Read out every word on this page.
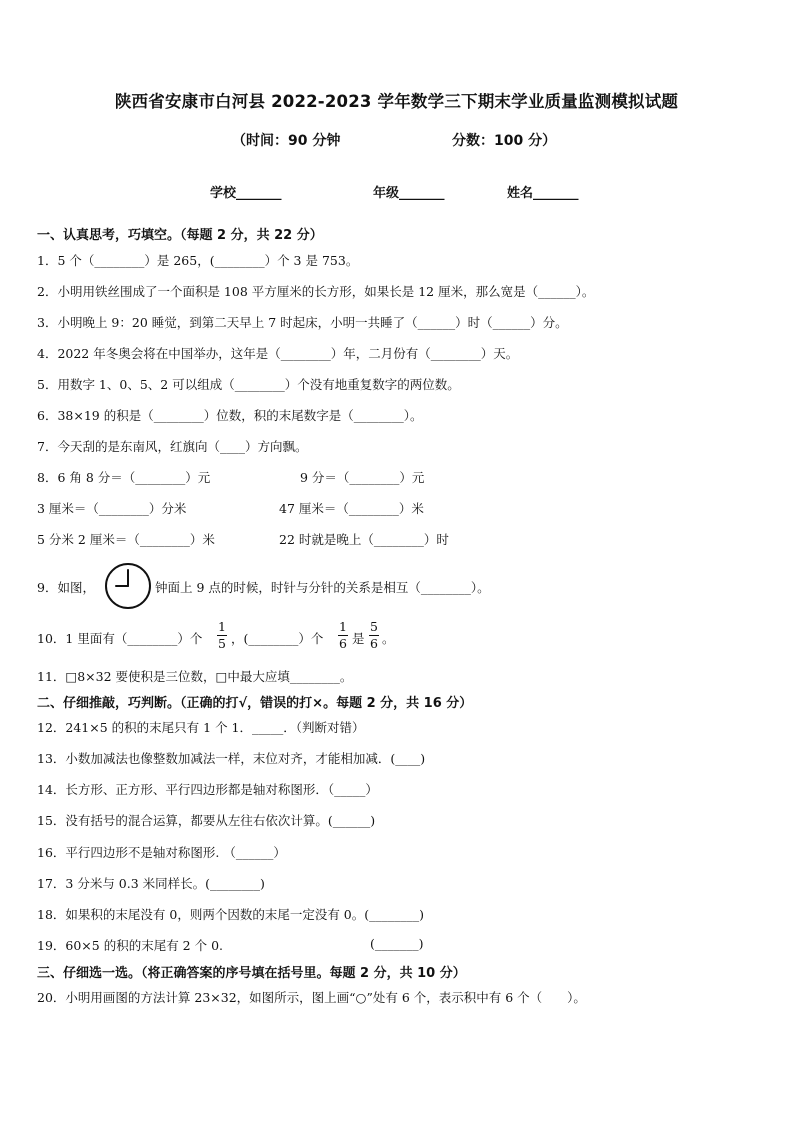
陕西省安康市白河县 2022-2023 学年数学三下期末学业质量监测模拟试题
（时间：90 分钟	分数：100 分）
学校_______	年级_______	姓名_______
一、认真思考，巧填空。（每题 2 分，共 22 分）
1．5 个（________）是 265，(________）个 3 是 753。
2．小明用铁丝围成了一个面积是 108 平方厘米的长方形，如果长是 12 厘米，那么宽是（______）。
3．小明晚上 9：20 睡觉，到第二天早上 7 时起床，小明一共睡了（______）时（______）分。
4．2022 年冬奥会将在中国举办，这年是（________）年，二月份有（________）天。
5．用数字 1、0、5、2 可以组成（________）个没有地重复数字的两位数。
6．38×19 的积是（________）位数，积的末尾数字是（________）。
7．今天刮的是东南风，红旗向（____）方向飘。
8．6 角 8 分＝（________）元	9 分＝（________）元
3 厘米＝（________）分米	47 厘米＝（________）米
5 分米 2 厘米＝（________）米	22 时就是晚上（________）时
9．如图，	钟面上 9 点的时候，时针与分针的关系是相互（________）。
10．1 里面有（________）个
1
5 ，(________）个
1
6 是
5
6 。
11．□8×32 要使积是三位数，□中最大应填________。
二、仔细推敲，巧判断。（正确的打√，错误的打×。每题 2 分，共 16 分）
12．241×5 的积的末尾只有 1 个 1．_____．（判断对错）
13．小数加减法也像整数加减法一样，末位对齐，才能相加减．(____)
14．长方形、正方形、平行四边形都是轴对称图形．（_____）
15．没有括号的混合运算，都要从左往右依次计算。(______)
16．平行四边形不是轴对称图形. （______）
17．3 分米与 0.3 米同样长。(________)
18．如果积的末尾没有 0，则两个因数的末尾一定没有 0。(________)
19．60×5 的积的末尾有 2 个 0.	(_______)
三、仔细选一选。（将正确答案的序号填在括号里。每题 2 分，共 10 分）
20．小明用画图的方法计算 23×32，如图所示，图上画“○”处有 6 个，表示积中有 6 个（　　）。
